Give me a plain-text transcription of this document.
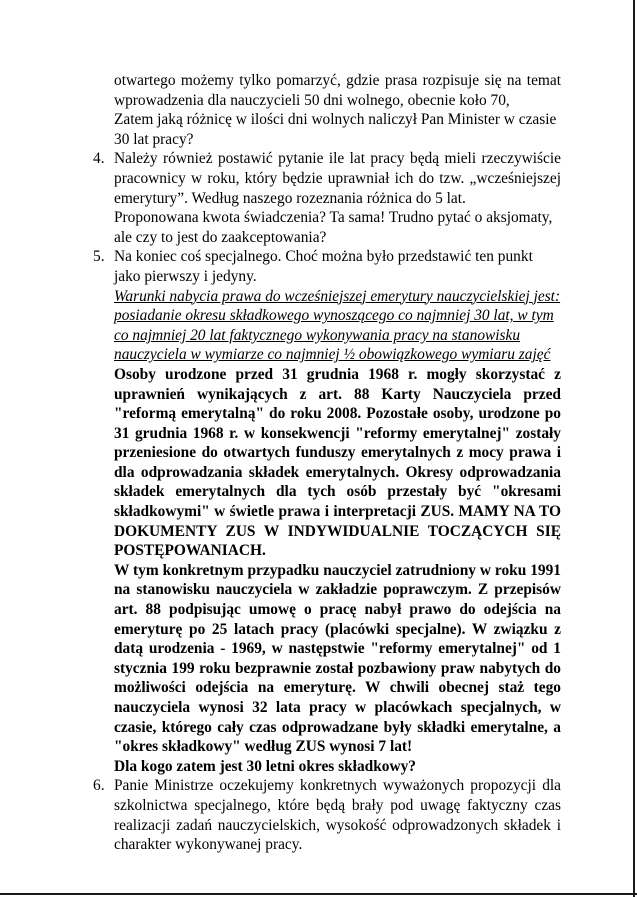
otwartego możemy tylko pomarzyć, gdzie prasa rozpisuje się na temat wprowadzenia dla nauczycieli 50 dni wolnego, obecnie koło 70,

Zatem jaką różnicę w ilości dni wolnych naliczył Pan Minister w czasie 30 lat pracy?

4. Należy również postawić pytanie ile lat pracy będą mieli rzeczywiście pracownicy w roku, który będzie uprawniał ich do tzw. „wcześniejszej emerytury”. Według naszego rozeznania różnica do 5 lat.

Proponowana kwota świadczenia? Ta sama! Trudno pytać o aksjomaty, ale czy to jest do zaakceptowania?

5. Na koniec coś specjalnego. Choć można było przedstawić ten punkt jako pierwszy i jedyny.

Warunki nabycia prawa do wcześniejszej emerytury nauczycielskiej jest: posiadanie okresu składkowego wynoszącego co najmniej 30 lat, w tym co najmniej 20 lat faktycznego wykonywania pracy na stanowisku nauczyciela w wymiarze co najmniej ½ obowiązkowego wymiaru zajęć

Osoby urodzone przed 31 grudnia 1968 r. mogły skorzystać z uprawnień wynikających z art. 88 Karty Nauczyciela przed "reformą emerytalną" do roku 2008. Pozostałe osoby, urodzone po 31 grudnia 1968 r. w konsekwencji "reformy emerytalnej" zostały przeniesione do otwartych funduszy emerytalnych z mocy prawa i dla odprowadzania składek emerytalnych. Okresy odprowadzania składek emerytalnych dla tych osób przestały być "okresami składkowymi" w świetle prawa i interpretacji ZUS. MAMY NA TO DOKUMENTY ZUS W INDYWIDUALNIE TOCZĄCYCH SIĘ POSTĘPOWANIACH.

W tym konkretnym przypadku nauczyciel zatrudniony w roku 1991 na stanowisku nauczyciela w zakładzie poprawczym. Z przepisów art. 88 podpisując umowę o pracę nabył prawo do odejścia na emeryturę po 25 latach pracy (placówki specjalne). W związku z datą urodzenia - 1969, w następstwie "reformy emerytalnej" od 1 stycznia 199 roku bezprawnie został pozbawiony praw nabytych do możliwości odejścia na emeryturę. W chwili obecnej staż tego nauczyciela wynosi 32 lata pracy w placówkach specjalnych, w czasie, którego cały czas odprowadzane były składki emerytalne, a "okres składkowy" według ZUS wynosi 7 lat!

Dla kogo zatem jest 30 letni okres składkowy?

6. Panie Ministrze oczekujemy konkretnych wyważonych propozycji dla szkolnictwa specjalnego, które będą brały pod uwagę faktyczny czas realizacji zadań nauczycielskich, wysokość odprowadzonych składek i charakter wykonywanej pracy.
